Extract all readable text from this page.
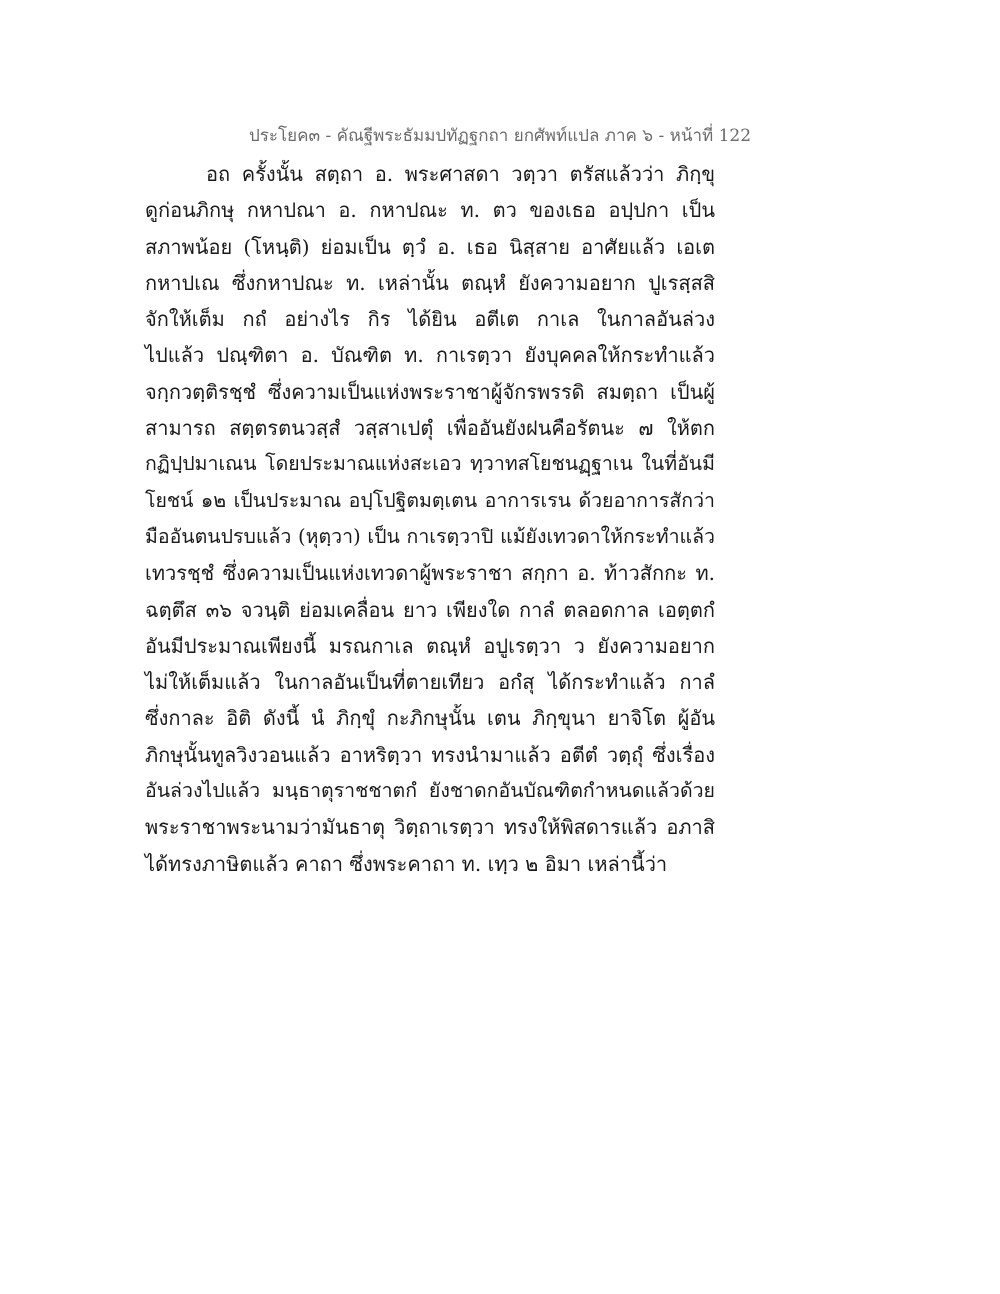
ประโยค๓ - คัณฐีพระธัมมปทัฏฐกถา ยกศัพท์แปล ภาค ๖ - หน้าที่ 122
อถ ครั้งนั้น สตฺถา อ. พระศาสดา วตฺวา ตรัสแล้วว่า ภิกฺขุ
ดูก่อนภิกษุ กหาปณา อ. กหาปณะ ท. ตว ของเธอ อปฺปกา เป็น
สภาพน้อย (โหนฺติ) ย่อมเป็น ตฺวํ อ. เธอ นิสฺสาย อาศัยแล้ว เอเต
กหาปเณ ซึ่งกหาปณะ ท. เหล่านั้น ตณฺหํ ยังความอยาก ปูเรสฺสสิ
จักให้เต็ม กถํ อย่างไร กิร ได้ยิน อตีเต กาเล ในกาลอันล่วง
ไปแล้ว ปณฺฑิตา อ. บัณฑิต ท. กาเรตฺวา ยังบุคคลให้กระทำแล้ว
จกฺกวตฺติรชฺชํ ซึ่งความเป็นแห่งพระราชาผู้จักรพรรดิ สมตฺถา เป็นผู้
สามารถ สตฺตรตนวสฺสํ วสฺสาเปตุํ เพื่ออันยังฝนคือรัตนะ ๗ ให้ตก
กฏิปฺปมาเณน โดยประมาณแห่งสะเอว ทฺวาทสโยชนฏฺฐาเน ในที่อันมี
โยชน์ ๑๒ เป็นประมาณ อปฺโปฐิตมตฺเตน อาการเรน ด้วยอาการสักว่า
มืออันตนปรบแล้ว (หุตฺวา) เป็น กาเรตฺวาปิ แม้ยังเทวดาให้กระทำแล้ว
เทวรชฺชํ ซึ่งความเป็นแห่งเทวดาผู้พระราชา สกฺกา อ. ท้าวสักกะ ท.
ฉตฺตึส ๓๖ จวนฺติ ย่อมเคลื่อน ยาว เพียงใด กาลํ ตลอดกาล เอตฺตกํ
อันมีประมาณเพียงนี้ มรณกาเล ตณฺหํ อปูเรตฺวา ว ยังความอยาก
ไม่ให้เต็มแล้ว ในกาลอันเป็นที่ตายเทียว อกํสุ ได้กระทำแล้ว กาลํ
ซึ่งกาละ อิติ ดังนี้ นํ ภิกฺขุํ กะภิกษุนั้น เตน ภิกฺขุนา ยาจิโต ผู้อัน
ภิกษุนั้นทูลวิงวอนแล้ว อาหริตฺวา ทรงนำมาแล้ว อตีตํ วตฺถุํ ซึ่งเรื่อง
อันล่วงไปแล้ว มนฺธาตุราชชาตกํ ยังชาดกอันบัณฑิตกำหนดแล้วด้วย
พระราชาพระนามว่ามันธาตุ วิตฺถาเรตฺวา ทรงให้พิสดารแล้ว อภาสิ
ได้ทรงภาษิตแล้ว คาถา ซึ่งพระคาถา ท. เทฺว ๒ อิมา เหล่านี้ว่า
